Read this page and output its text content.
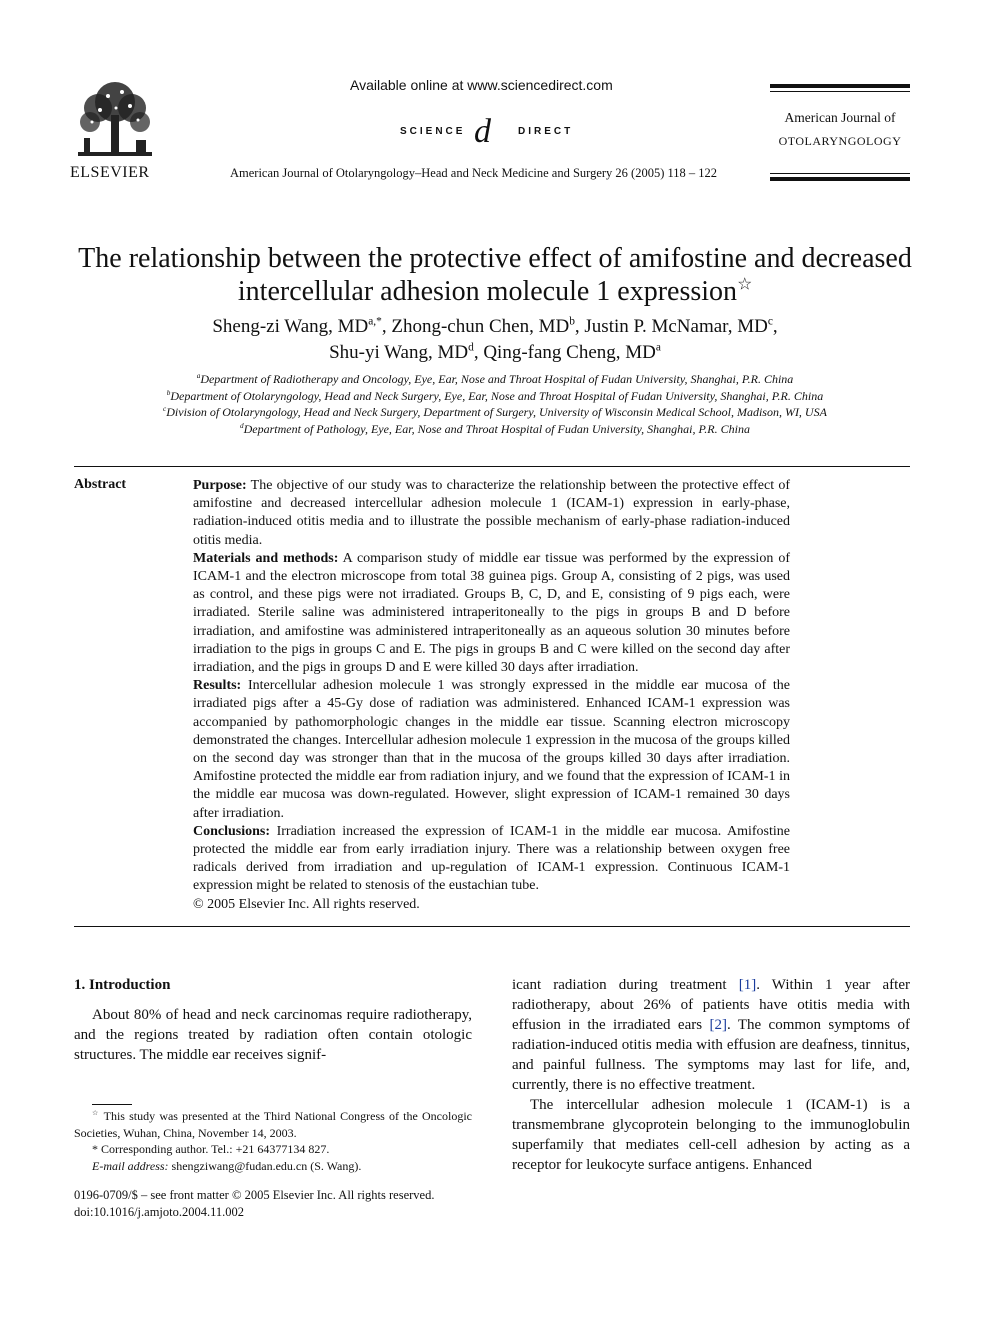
ELSEVIER
Available online at www.sciencedirect.com
SCIENCE d	DIRECT
American Journal of Otolaryngology–Head and Neck Medicine and Surgery 26 (2005) 118 – 122
American Journal of
OTOLARYNGOLOGY
The relationship between the protective effect of amifostine and decreased intercellular adhesion molecule 1 expression☆
Sheng-zi Wang, $MD^{a,*}$, Zhong-chun Chen, $MD^b$, Justin P. McNamar, $MD^c$,
Shu-yi Wang, $MD^d$, Qing-fang Cheng, $MD^a$
$^a$Department of Radiotherapy and Oncology, Eye, Ear, Nose and Throat Hospital of Fudan University, Shanghai, P.R. China
$^b$Department of Otolaryngology, Head and Neck Surgery, Eye, Ear, Nose and Throat Hospital of Fudan University, Shanghai, P.R. China
$^c$Division of Otolaryngology, Head and Neck Surgery, Department of Surgery, University of Wisconsin Medical School, Madison, WI, USA
$^d$Department of Pathology, Eye, Ear, Nose and Throat Hospital of Fudan University, Shanghai, P.R. China
Abstract	Purpose: The objective of our study was to characterize the relationship between the protective effect of amifostine and decreased intercellular adhesion molecule 1 (ICAM-1) expression in early-phase, radiation-induced otitis media and to illustrate the possible mechanism of early-phase radiation-induced otitis media.

Materials and methods: A comparison study of middle ear tissue was performed by the expression of ICAM-1 and the electron microscope from total 38 guinea pigs. Group A, consisting of 2 pigs, was used as control, and these pigs were not irradiated. Groups B, C, D, and E, consisting of 9 pigs each, were irradiated. Sterile saline was administered intraperitoneally to the pigs in groups B and D before irradiation, and amifostine was administered intraperitoneally as an aqueous solution 30 minutes before irradiation to the pigs in groups C and E. The pigs in groups B and C were killed on the second day after irradiation, and the pigs in groups D and E were killed 30 days after irradiation.

Results: Intercellular adhesion molecule 1 was strongly expressed in the middle ear mucosa of the irradiated pigs after a 45-Gy dose of radiation was administered. Enhanced ICAM-1 expression was accompanied by pathomorphologic changes in the middle ear tissue. Scanning electron microscopy demonstrated the changes. Intercellular adhesion molecule 1 expression in the mucosa of the groups killed on the second day was stronger than that in the mucosa of the groups killed 30 days after irradiation. Amifostine protected the middle ear from radiation injury, and we found that the expression of ICAM-1 in the middle ear mucosa was down-regulated. However, slight expression of ICAM-1 remained 30 days after irradiation.

Conclusions: Irradiation increased the expression of ICAM-1 in the middle ear mucosa. Amifostine protected the middle ear from early irradiation injury. There was a relationship between oxygen free radicals derived from irradiation and up-regulation of ICAM-1 expression. Continuous ICAM-1 expression might be related to stenosis of the eustachian tube.

© 2005 Elsevier Inc. All rights reserved.

1. Introduction

About 80% of head and neck carcinomas require radiotherapy, and the regions treated by radiation often contain otologic structures. The middle ear receives signif-

icant radiation during treatment [1]. Within 1 year after radiotherapy, about 26% of patients have otitis media with effusion in the irradiated ears [2]. The common symptoms of radiation-induced otitis media with effusion are deafness, tinnitus, and painful fullness. The symptoms may last for life, and, currently, there is no effective treatment.

The intercellular adhesion molecule 1 (ICAM-1) is a transmembrane glycoprotein belonging to the immunoglobulin superfamily that mediates cell-cell adhesion by acting as a receptor for leukocyte surface antigens. Enhanced

☆ This study was presented at the Third National Congress of the Oncologic Societies, Wuhan, China, November 14, 2003.

* Corresponding author. Tel.: +21 64377134 827.

E-mail address: shengziwang@fudan.edu.cn (S. Wang).

0196-0709/$ – see front matter © 2005 Elsevier Inc. All rights reserved.

doi:10.1016/j.amjoto.2004.11.002
